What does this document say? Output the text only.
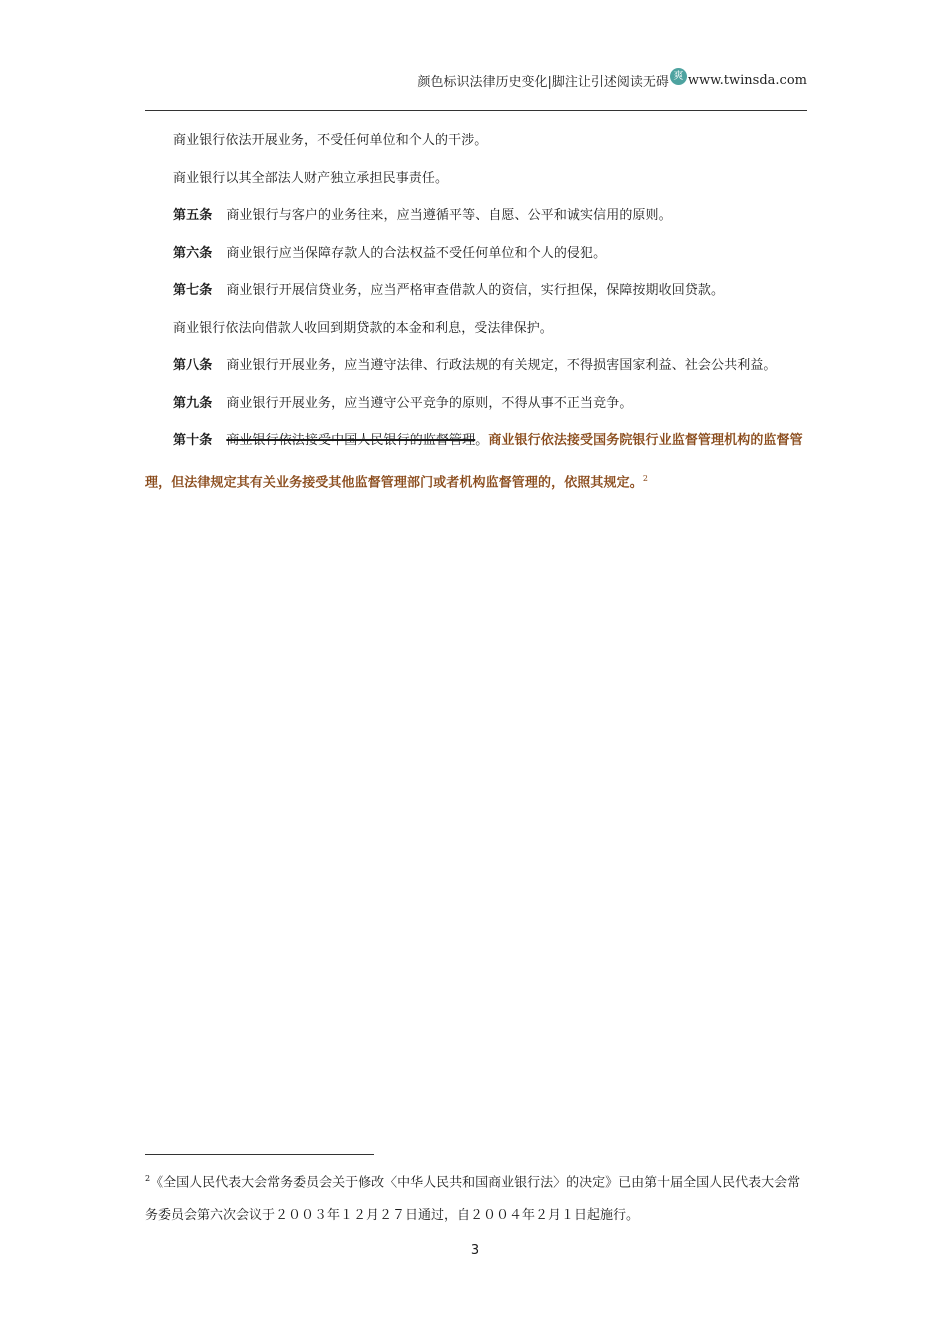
颜色标识法律历史变化|脚注让引述阅读无碍 爽 www.twinsda.com

商业银行依法开展业务，不受任何单位和个人的干涉。

商业银行以其全部法人财产独立承担民事责任。

第五条 商业银行与客户的业务往来，应当遵循平等、自愿、公平和诚实信用的原则。

第六条 商业银行应当保障存款人的合法权益不受任何单位和个人的侵犯。

第七条 商业银行开展信贷业务，应当严格审查借款人的资信，实行担保，保障按期收回贷款。

商业银行依法向借款人收回到期贷款的本金和利息，受法律保护。

第八条 商业银行开展业务，应当遵守法律、行政法规的有关规定，不得损害国家利益、社会公共利益。

第九条 商业银行开展业务，应当遵守公平竞争的原则，不得从事不正当竞争。

第十条 商业银行依法接受中国人民银行的监督管理。商业银行依法接受国务院银行业监督管理机构的监督管理，但法律规定其有关业务接受其他监督管理部门或者机构监督管理的，依照其规定。$^2$

$^2$《全国人民代表大会常务委员会关于修改〈中华人民共和国商业银行法〉的决定》已由第十届全国人民代表大会常务委员会第六次会议于２００３年１２月２７日通过，自２００４年２月１日起施行。

3
